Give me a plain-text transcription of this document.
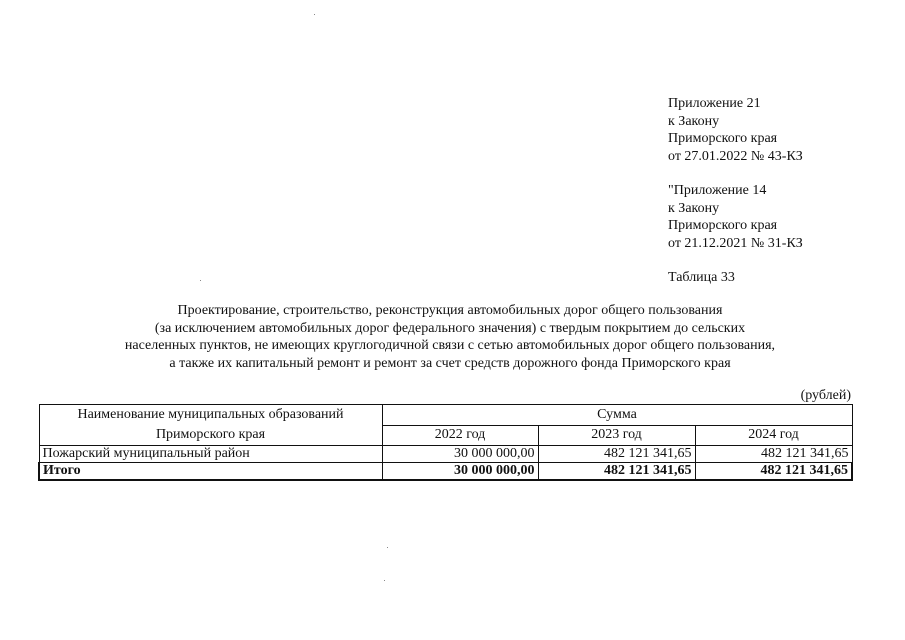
Приложение 21
к Закону
Приморского края
от 27.01.2022 № 43-КЗ
"Приложение 14
к Закону
Приморского края
от 21.12.2021 № 31-КЗ
Таблица 33
Проектирование, строительство, реконструкция автомобильных дорог общего пользования
(за исключением автомобильных дорог федерального значения) с твердым покрытием до сельских
населенных пунктов, не имеющих круглогодичной связи с сетью автомобильных дорог общего пользования,
а также их капитальный ремонт и ремонт за счет средств дорожного фонда Приморского края
(рублей)
Наименование муниципальных образований
Приморского края	Сумма		
	2022 год	2023 год	2024 год
Пожарский муниципальный район	30 000 000,00	482 121 341,65	482 121 341,65
Итого	30 000 000,00	482 121 341,65	482 121 341,65
